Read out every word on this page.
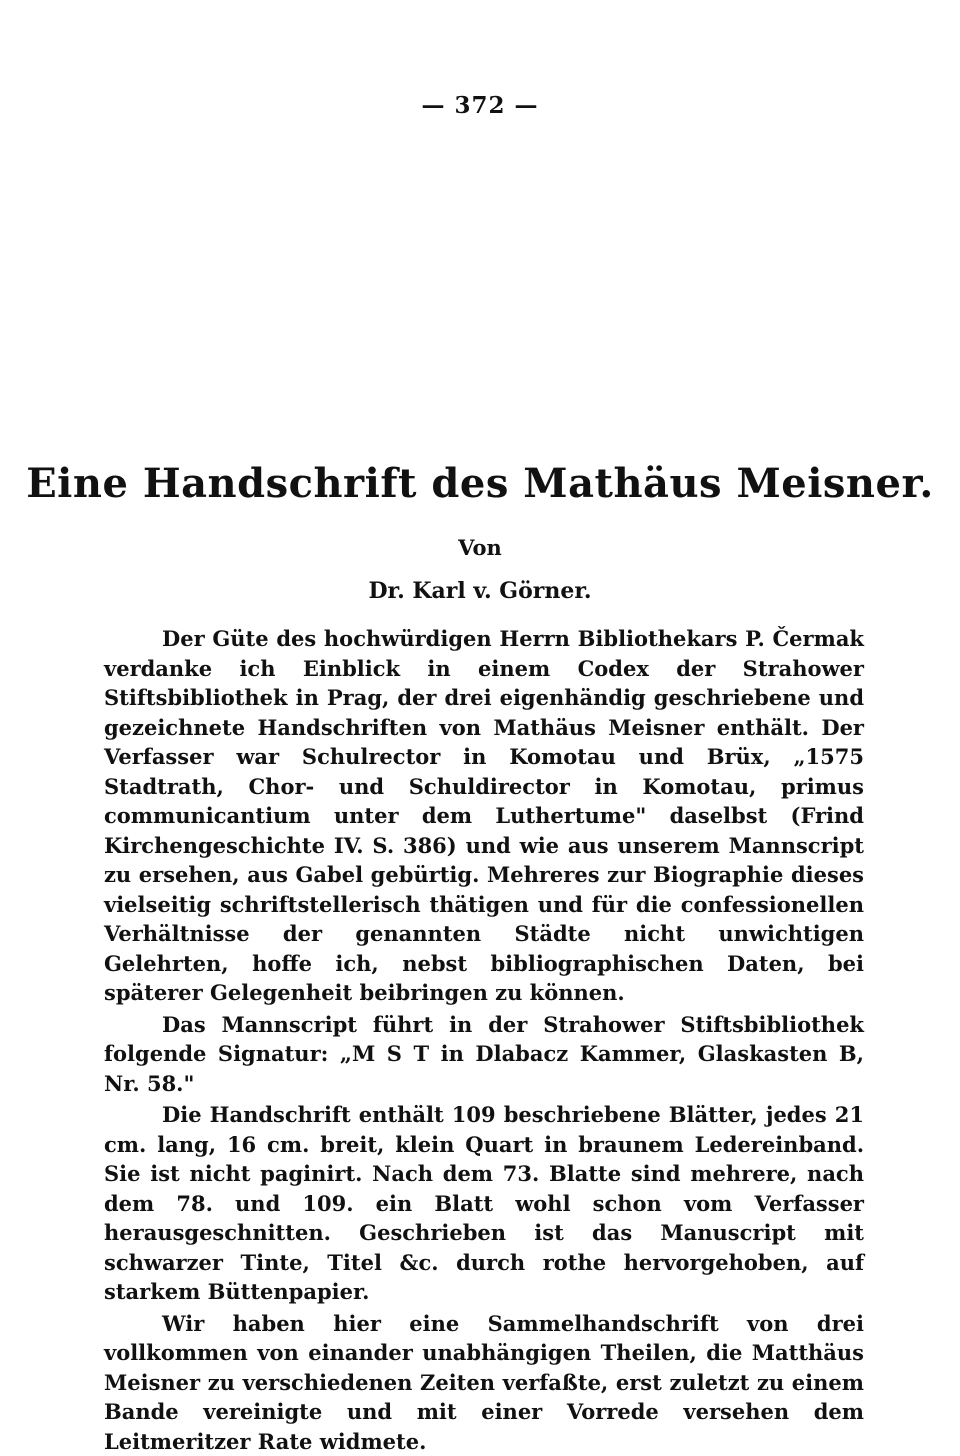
— 372 —
Eine Handschrift des Mathäus Meisner.
Von
Dr. Karl v. Görner.

Der Güte des hochwürdigen Herrn Bibliothekars P. Čermak verdanke ich Einblick in einem Codex der Strahower Stiftsbibliothek in Prag, der drei eigenhändig geschriebene und gezeichnete Handschriften von Mathäus Meisner enthält. Der Verfasser war Schulrector in Komotau und Brüx, „1575 Stadtrath, Chor- und Schuldirector in Komotau, primus communicantium unter dem Luthertume" daselbst (Frind Kirchengeschichte IV. S. 386) und wie aus unserem Mannscript zu ersehen, aus Gabel gebürtig. Mehreres zur Biographie dieses vielseitig schriftstellerisch thätigen und für die confessionellen Verhältnisse der genannten Städte nicht unwichtigen Gelehrten, hoffe ich, nebst bibliographischen Daten, bei späterer Gelegenheit beibringen zu können.

Das Mannscript führt in der Strahower Stiftsbibliothek folgende Signatur: „M S T in Dlabacz Kammer, Glaskasten B, Nr. 58."

Die Handschrift enthält 109 beschriebene Blätter, jedes 21 cm. lang, 16 cm. breit, klein Quart in braunem Ledereinband. Sie ist nicht paginirt. Nach dem 73. Blatte sind mehrere, nach dem 78. und 109. ein Blatt wohl schon vom Verfasser herausgeschnitten. Geschrieben ist das Manuscript mit schwarzer Tinte, Titel &c. durch rothe hervorgehoben, auf starkem Büttenpapier.

Wir haben hier eine Sammelhandschrift von drei vollkommen von einander unabhängigen Theilen, die Matthäus Meisner zu verschiedenen Zeiten verfaßte, erst zuletzt zu einem Bande vereinigte und mit einer Vorrede versehen dem Leitmeritzer Rate widmete.
